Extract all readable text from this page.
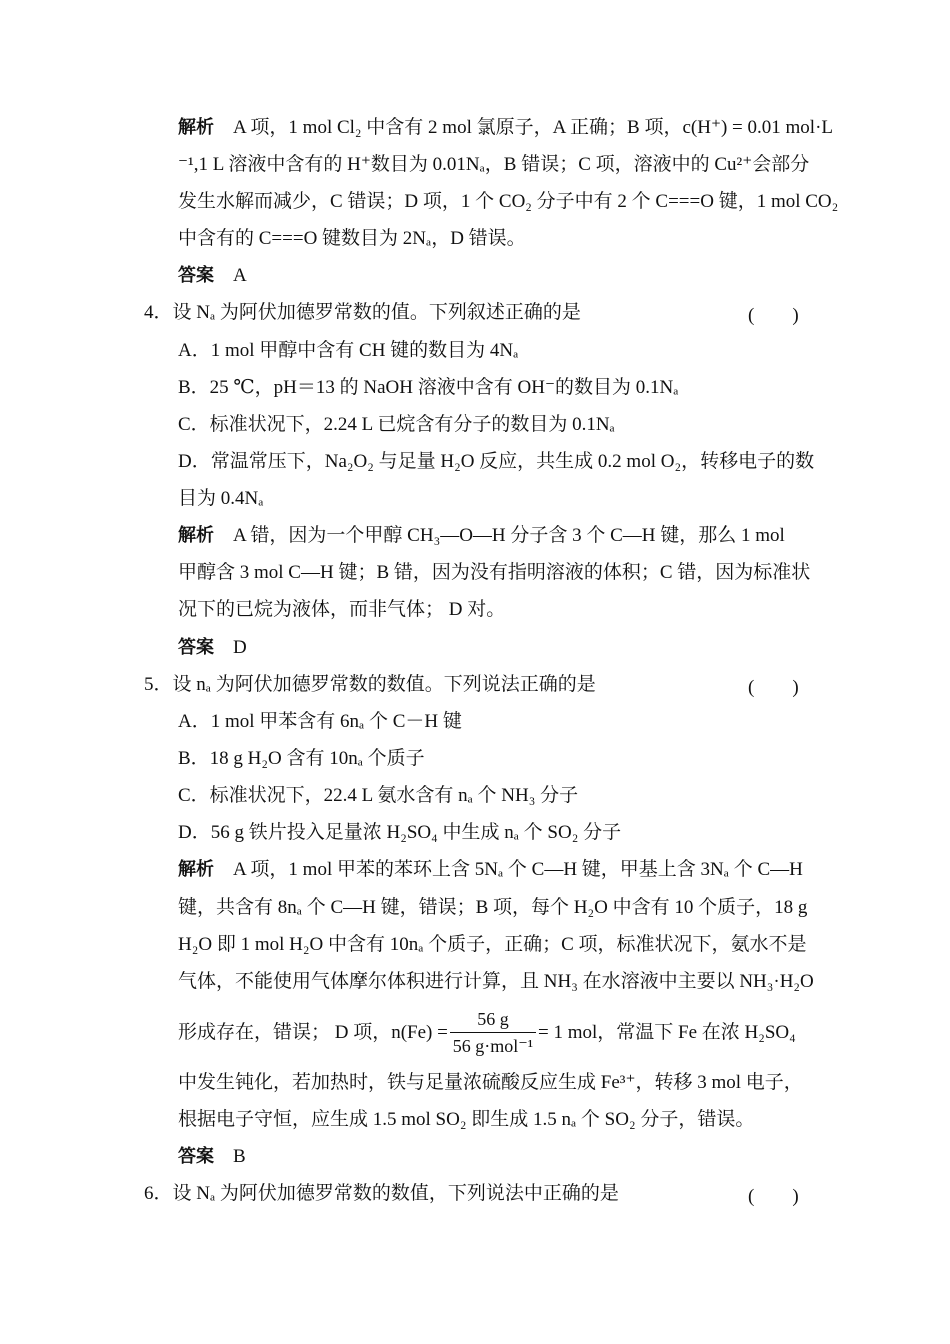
解析　A 项，1 mol Cl₂ 中含有 2 mol 氯原子，A 正确；B 项，c(H⁺) = 0.01 mol·L
⁻¹,1 L 溶液中含有的 H⁺数目为 0.01Nₐ，B 错误；C 项，溶液中的 Cu²⁺会部分
发生水解而减少，C 错误；D 项，1 个 CO₂ 分子中有 2 个 C===O 键，1 mol CO₂
中含有的 C===O 键数目为 2Nₐ，D 错误。
答案　A
4．设 Nₐ 为阿伏加德罗常数的值。下列叙述正确的是	(　　)
A．1 mol 甲醇中含有 CH 键的数目为 4Nₐ
B．25 ℃，pH＝13 的 NaOH 溶液中含有 OH⁻的数目为 0.1Nₐ
C．标准状况下，2.24 L 已烷含有分子的数目为 0.1Nₐ
D．常温常压下，Na₂O₂ 与足量 H₂O 反应，共生成 0.2 mol O₂，转移电子的数
目为 0.4Nₐ
解析　A 错，因为一个甲醇 CH₃—O—H 分子含 3 个 C—H 键，那么 1 mol
甲醇含 3 mol C—H 键；B 错，因为没有指明溶液的体积；C 错，因为标准状
况下的已烷为液体，而非气体； D 对。
答案　D
5．设 nₐ 为阿伏加德罗常数的数值。下列说法正确的是	(　　)
A．1 mol 甲苯含有 6nₐ 个 C－H 键
B．18 g H₂O 含有 10nₐ 个质子
C．标准状况下，22.4 L 氨水含有 nₐ 个 NH₃ 分子
D．56 g 铁片投入足量浓 H₂SO₄ 中生成 nₐ 个 SO₂ 分子
解析　A 项，1 mol 甲苯的苯环上含 5Nₐ 个 C—H 键，甲基上含 3Nₐ 个 C—H
键，共含有 8nₐ 个 C—H 键，错误；B 项，每个 H₂O 中含有 10 个质子，18 g
H₂O 即 1 mol H₂O 中含有 10nₐ 个质子，正确；C 项，标准状况下，氨水不是
气体，不能使用气体摩尔体积进行计算，且 NH₃ 在水溶液中主要以 NH₃·H₂O
形成存在，错误； D 项，n(Fe) =	= 1 mol，常温下 Fe 在浓 H₂SO₄
中发生钝化，若加热时，铁与足量浓硫酸反应生成 Fe³⁺，转移 3 mol 电子，
根据电子守恒，应生成 1.5 mol SO₂ 即生成 1.5 nₐ 个 SO₂ 分子，错误。
答案　B
6．设 Nₐ 为阿伏加德罗常数的数值，下列说法中正确的是	(　　)
56 g
56 g·mol⁻¹
